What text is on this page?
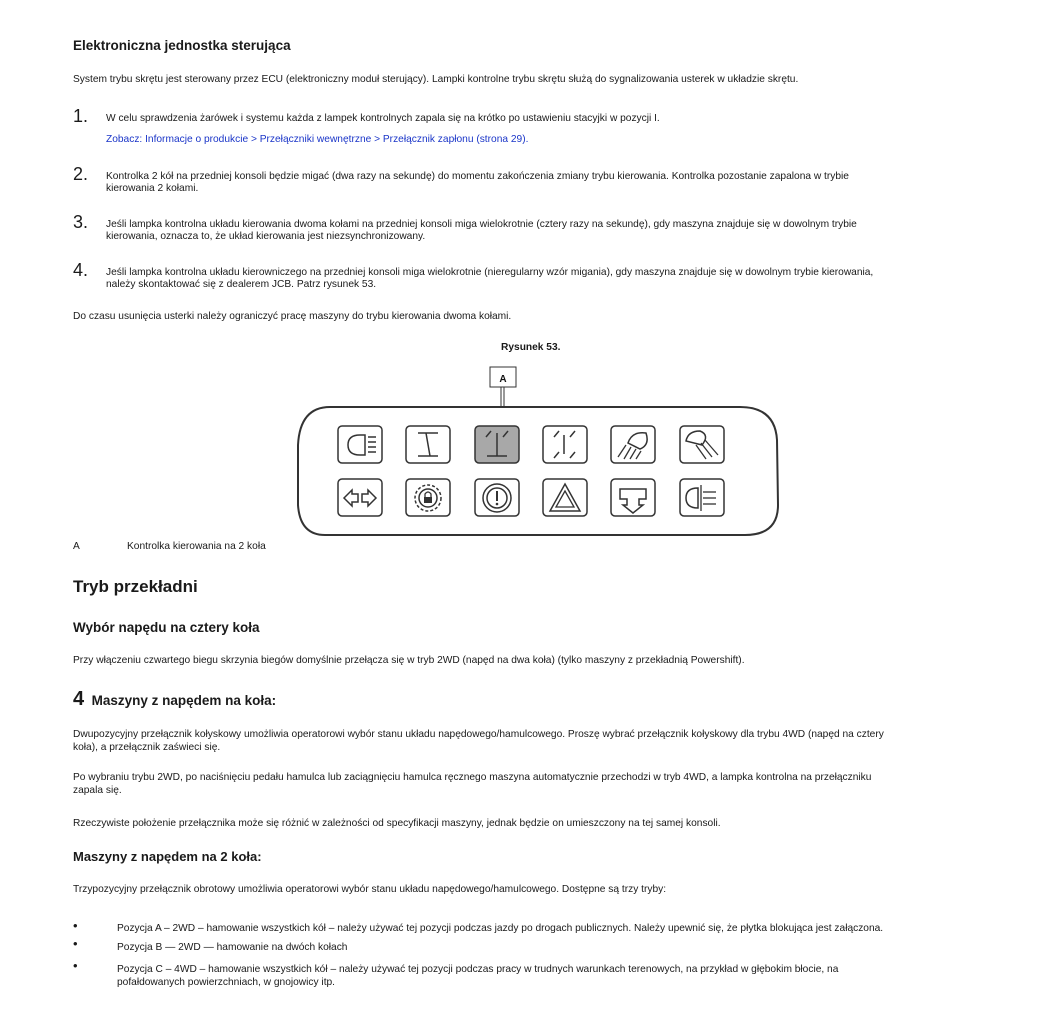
Elektroniczna jednostka sterująca
System trybu skrętu jest sterowany przez ECU (elektroniczny moduł sterujący). Lampki kontrolne trybu skrętu służą do sygnalizowania usterek w układzie skrętu.
1. W celu sprawdzenia żarówek i systemu każda z lampek kontrolnych zapala się na krótko po ustawieniu stacyjki w pozycji I.
Zobacz: Informacje o produkcie > Przełączniki wewnętrzne > Przełącznik zapłonu (strona 29).
2. Kontrolka 2 kół na przedniej konsoli będzie migać (dwa razy na sekundę) do momentu zakończenia zmiany trybu kierowania. Kontrolka pozostanie zapalona w trybie
kierowania 2 kołami.
3. Jeśli lampka kontrolna układu kierowania dwoma kołami na przedniej konsoli miga wielokrotnie (cztery razy na sekundę), gdy maszyna znajduje się w dowolnym trybie
kierowania, oznacza to, że układ kierowania jest niezsynchronizowany.
4. Jeśli lampka kontrolna układu kierowniczego na przedniej konsoli miga wielokrotnie (nieregularny wzór migania), gdy maszyna znajduje się w dowolnym trybie kierowania,
należy skontaktować się z dealerem JCB. Patrz rysunek 53.
Do czasu usunięcia usterki należy ograniczyć pracę maszyny do trybu kierowania dwoma kołami.
Rysunek 53.
A
A	Kontrolka kierowania na 2 koła
Tryb przekładni
Wybór napędu na cztery koła
Przy włączeniu czwartego biegu skrzynia biegów domyślnie przełącza się w tryb 2WD (napęd na dwa koła) (tylko maszyny z przekładnią Powershift).
4 Maszyny z napędem na koła:
Dwupozycyjny przełącznik kołyskowy umożliwia operatorowi wybór stanu układu napędowego/hamulcowego. Proszę wybrać przełącznik kołyskowy dla trybu 4WD (napęd na cztery
koła), a przełącznik zaświeci się.
Po wybraniu trybu 2WD, po naciśnięciu pedału hamulca lub zaciągnięciu hamulca ręcznego maszyna automatycznie przechodzi w tryb 4WD, a lampka kontrolna na przełączniku
zapala się.
Rzeczywiste położenie przełącznika może się różnić w zależności od specyfikacji maszyny, jednak będzie on umieszczony na tej samej konsoli.
Maszyny z napędem na 2 koła:
Trzypozycyjny przełącznik obrotowy umożliwia operatorowi wybór stanu układu napędowego/hamulcowego. Dostępne są trzy tryby:
•	Pozycja A – 2WD – hamowanie wszystkich kół – należy używać tej pozycji podczas jazdy po drogach publicznych. Należy upewnić się, że płytka blokująca jest załączona.
•	Pozycja B — 2WD — hamowanie na dwóch kołach
•	Pozycja C – 4WD – hamowanie wszystkich kół – należy używać tej pozycji podczas pracy w trudnych warunkach terenowych, na przykład w głębokim błocie, na
pofałdowanych powierzchniach, w gnojowicy itp.
